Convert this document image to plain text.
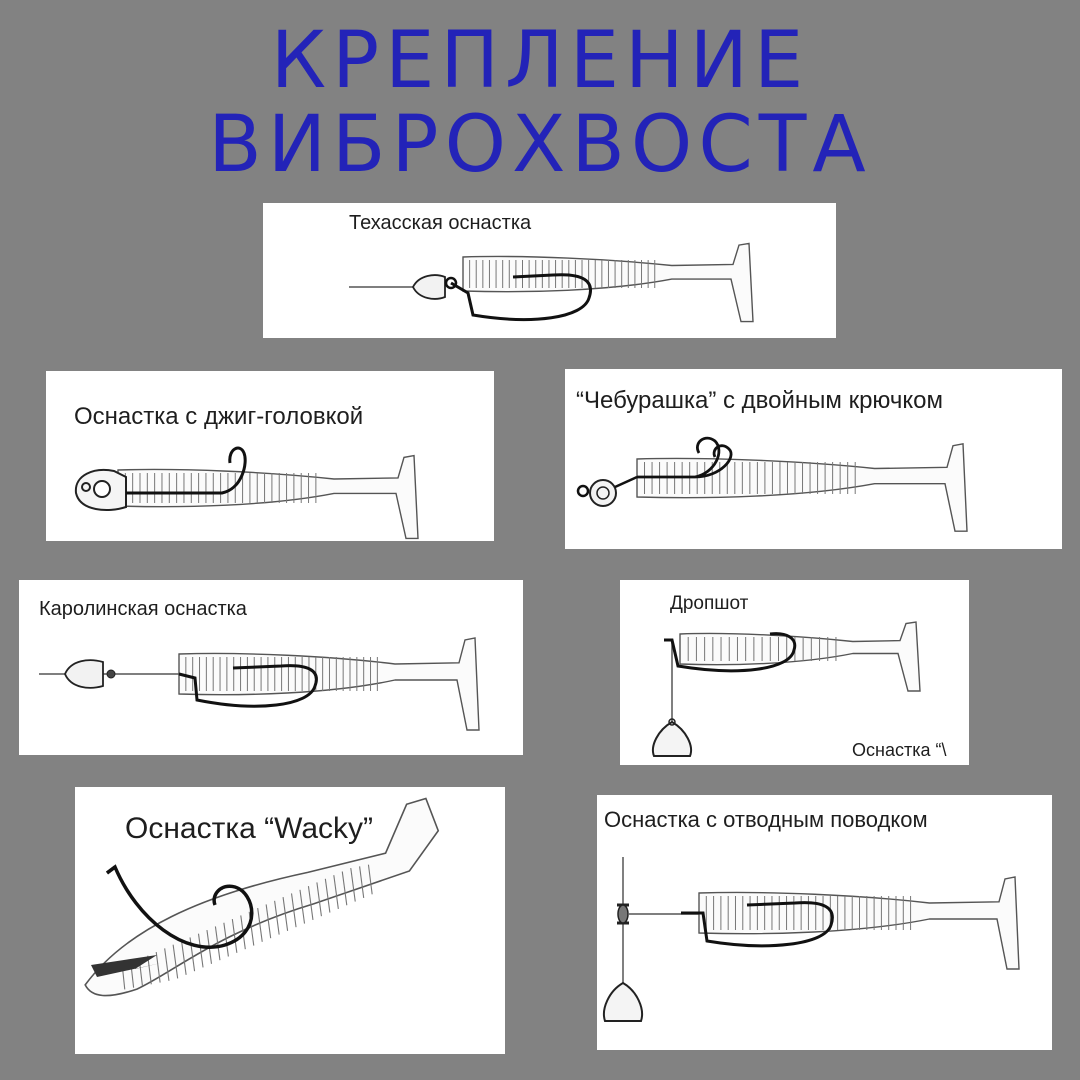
КРЕПЛЕНИЕ
ВИБРОХВОСТА
Техасская оснастка
Оснастка с джиг-головкой
“Чебурашка” с двойным крючком
Каролинская оснастка	Дропшот
Оснастка “\
Оснастка “Wacky”	Оснастка с отводным поводком
